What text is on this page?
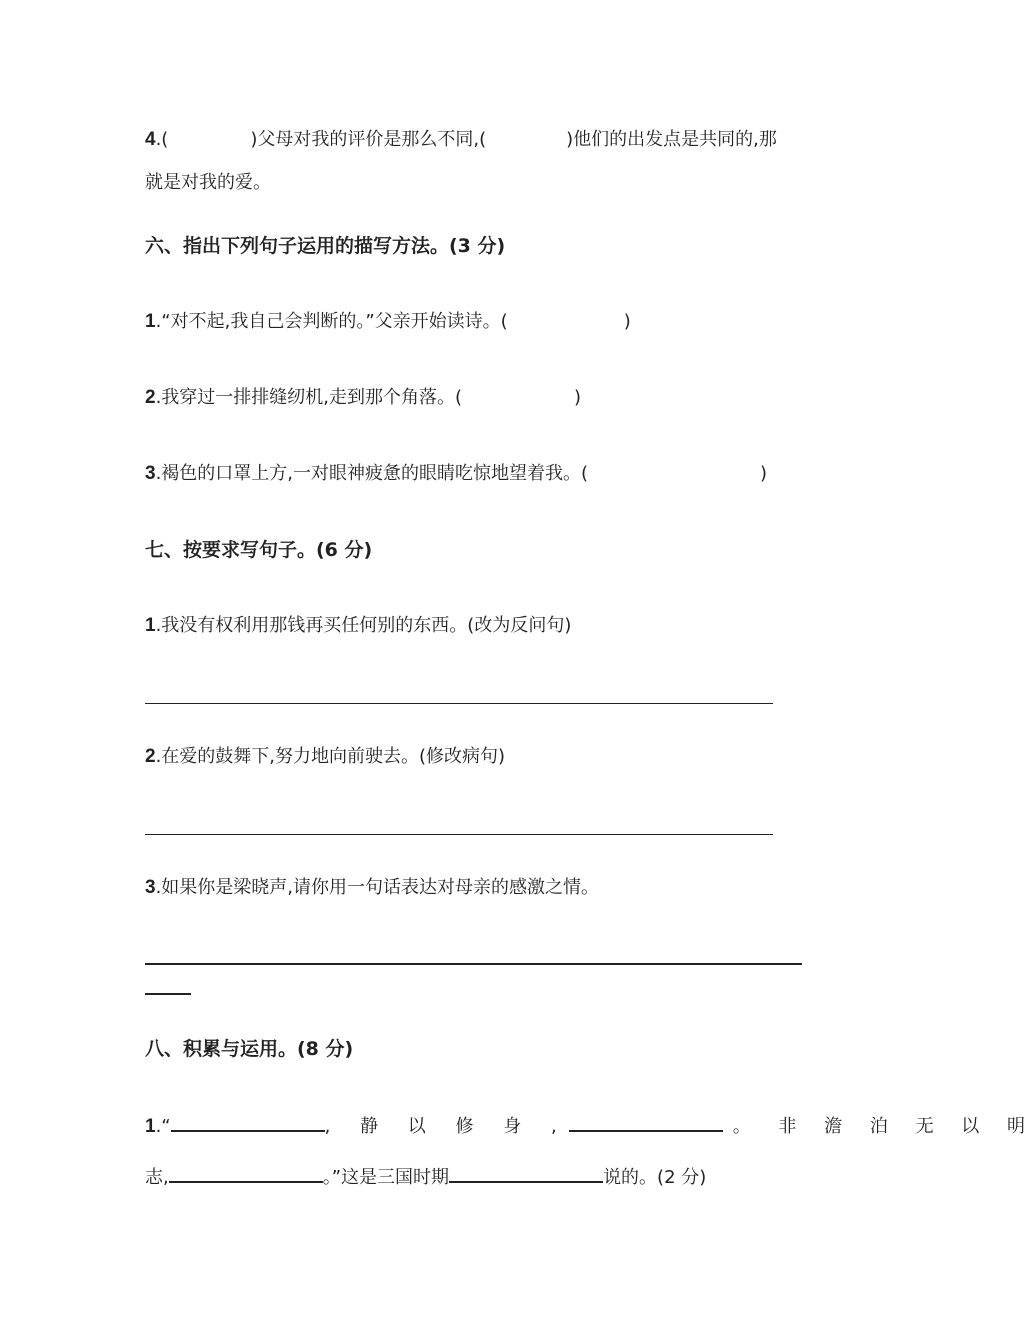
4.(	)父母对我的评价是那么不同,(	)他们的出发点是共同的,那
就是对我的爱。
六、指出下列句子运用的描写方法。(3 分)
1.“对不起,我自己会判断的。”父亲开始读诗。(	)
2.我穿过一排排缝纫机,走到那个角落。(	)
3.褐色的口罩上方,一对眼神疲惫的眼睛吃惊地望着我。(	)
七、按要求写句子。(6 分)
1.我没有权利用那钱再买任何别的东西。(改为反问句)
2.在爱的鼓舞下,努力地向前驶去。(修改病句)
3.如果你是梁晓声,请你用一句话表达对母亲的感激之情。
八、积累与运用。(8 分)
1.“	, 静 以 修 身 ,	。 非 澹 泊 无 以 明
志,	。”这是三国时期	说的。(2 分)
